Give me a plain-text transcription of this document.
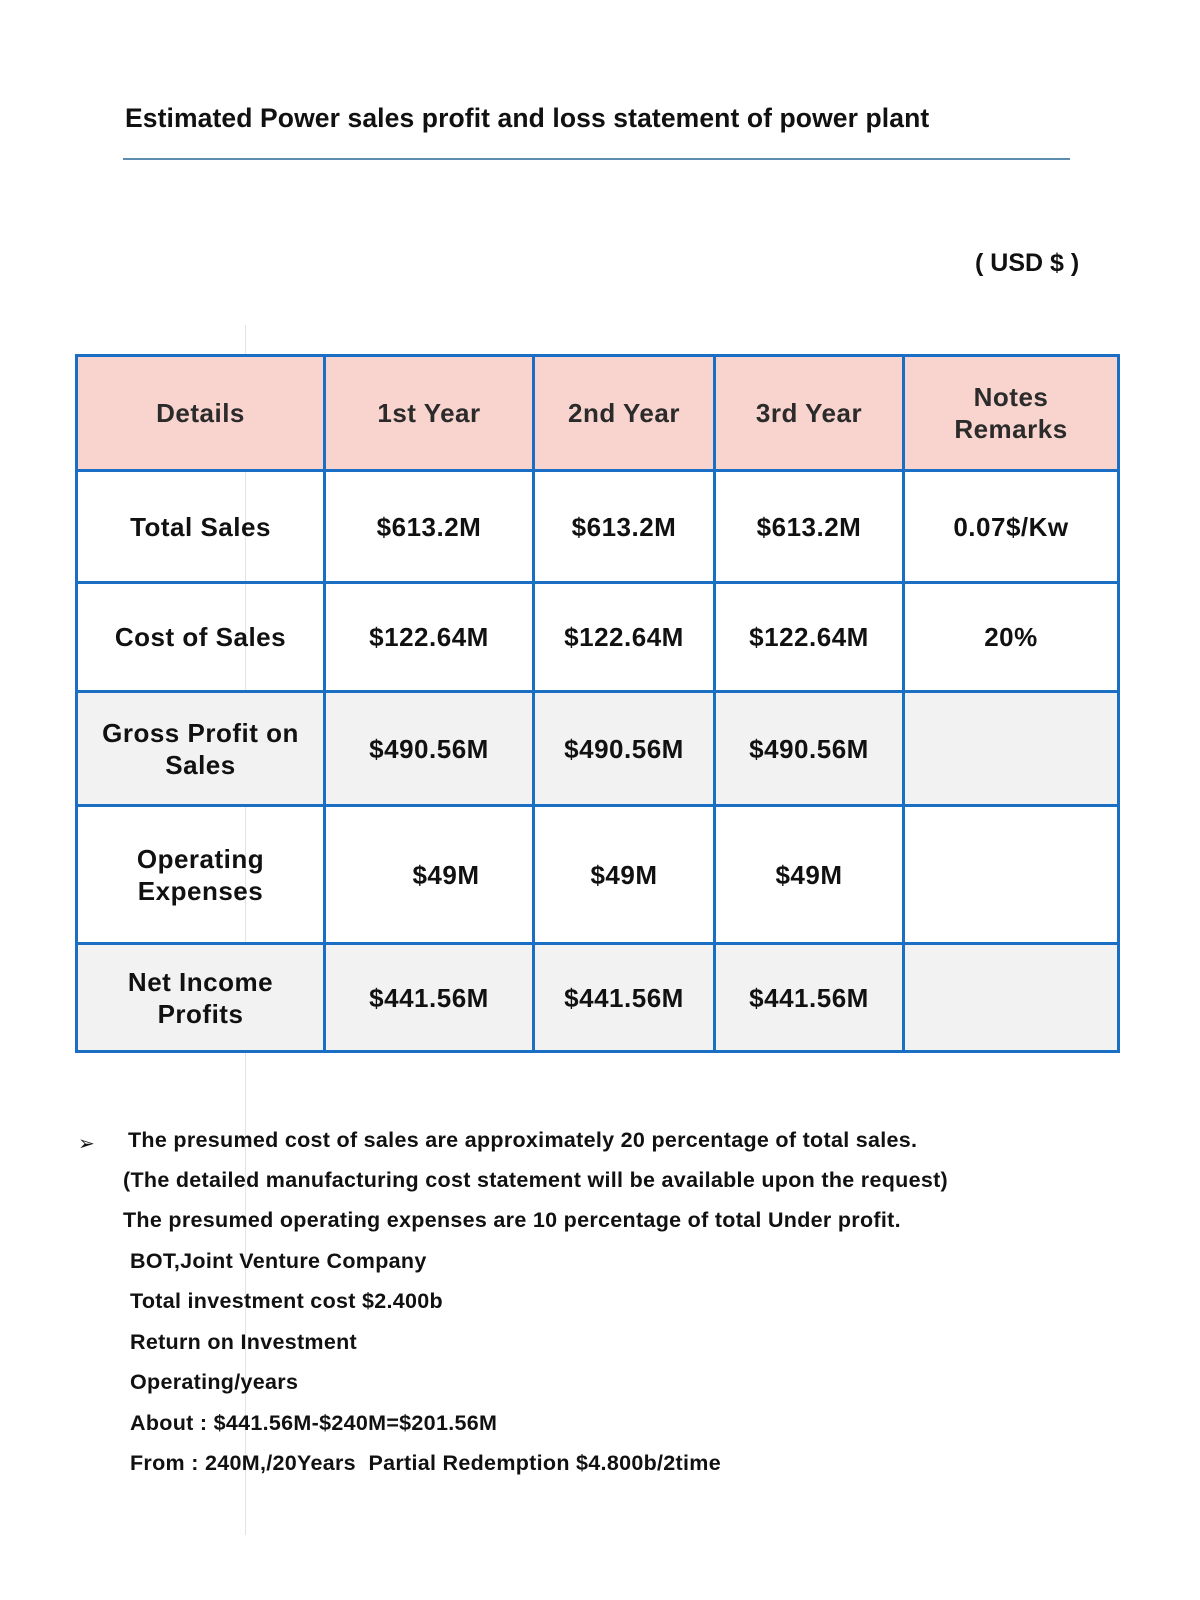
Estimated Power sales profit and loss statement of power plant
( USD $ )
Details	1st Year	2nd Year	3rd Year	Notes Remarks
Total Sales	$613.2M	$613.2M	$613.2M	0.07$/Kw
Cost of Sales	$122.64M	$122.64M	$122.64M	20%
Gross Profit on Sales	$490.56M	$490.56M	$490.56M	
Operating Expenses	$49M	$49M	$49M	
Net Income Profits	$441.56M	$441.56M	$441.56M	
➢ The presumed cost of sales are approximately 20 percentage of total sales.
(The detailed manufacturing cost statement will be available upon the request)
The presumed operating expenses are 10 percentage of total Under profit.
BOT,Joint Venture Company
Total investment cost $2.400b
Return on Investment
Operating/years
About : $441.56M-$240M=$201.56M
From : 240M,/20Years  Partial Redemption $4.800b/2time
